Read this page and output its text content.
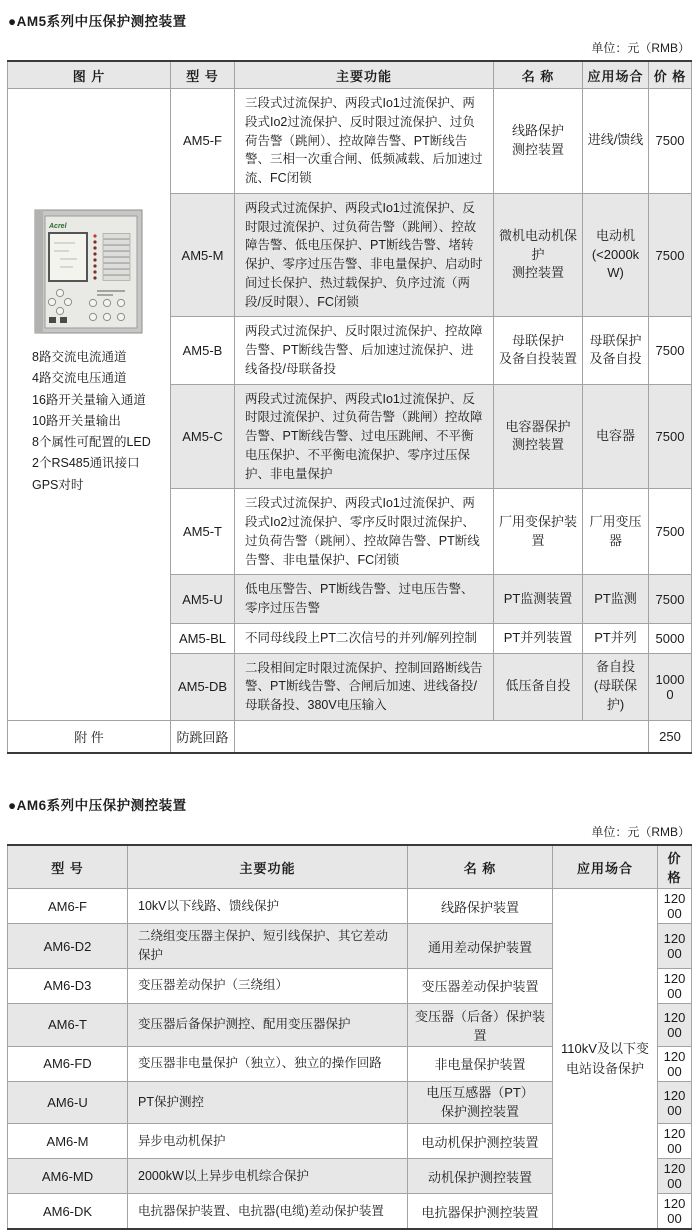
●AM5系列中压保护测控装置
单位：元（RMB）
图 片	型 号	主要功能	名 称	应用场合	价 格

Acrel
8路交流电流通道
4路交流电压通道
16路开关量输入通道
10路开关量输出
8个属性可配置的LED
2个RS485通讯接口
GPS对时
	AM5-F	三段式过流保护、两段式Io1过流保护、两段式Io2过流保护、反时限过流保护、过负荷告警（跳闸）、控故障告警、PT断线告警、三相一次重合闸、低频减载、后加速过流、FC闭锁	线路保护
测控装置	进线/馈线	7500
	AM5-M	两段式过流保护、两段式Io1过流保护、反时限过流保护、过负荷告警（跳闸）、控故障告警、低电压保护、PT断线告警、堵转保护、零序过压告警、非电量保护、启动时间过长保护、热过载保护、负序过流（两段/反时限）、FC闭锁	微机电动机保护
测控装置	电动机
(<2000kW)	7500
	AM5-B	两段式过流保护、反时限过流保护、控故障告警、PT断线告警、后加速过流保护、进线备投/母联备投	母联保护
及备自投装置	母联保护
及备自投	7500
	AM5-C	两段式过流保护、两段式Io1过流保护、反时限过流保护、过负荷告警（跳闸）控故障告警、PT断线告警、过电压跳闸、不平衡电压保护、不平衡电流保护、零序过压保护、非电量保护	电容器保护
测控装置	电容器	7500
	AM5-T	三段式过流保护、两段式Io1过流保护、两段式Io2过流保护、零序反时限过流保护、过负荷告警（跳闸）、控故障告警、PT断线告警、非电量保护、FC闭锁	厂用变保护装置	厂用变压器	7500
	AM5-U	低电压警告、PT断线告警、过电压告警、零序过压告警	PT监测装置	PT监测	7500
	AM5-BL	不同母线段上PT二次信号的并列/解列控制	PT并列装置	PT并列	5000
	AM5-DB	二段相间定时限过流保护、控制回路断线告警、PT断线告警、合闸后加速、进线备投/母联备投、380V电压输入	低压备自投	备自投
(母联保护)	10000
附 件	防跳回路				250
●AM6系列中压保护测控装置
单位：元（RMB）
型 号	主要功能	名 称	应用场合	价 格
AM6-F	10kV以下线路、馈线保护	线路保护装置	110kV及以下变
电站设备保护	12000
AM6-D2	二绕组变压器主保护、短引线保护、其它差动保护	通用差动保护装置		12000
AM6-D3	变压器差动保护（三绕组）	变压器差动保护装置		12000
AM6-T	变压器后备保护测控、配用变压器保护	变压器（后备）保护装置		12000
AM6-FD	变压器非电量保护（独立）、独立的操作回路	非电量保护装置		12000
AM6-U	PT保护测控	电压互感器（PT）
保护测控装置		12000
AM6-M	异步电动机保护	电动机保护测控装置		12000
AM6-MD	2000kW以上异步电机综合保护	动机保护测控装置		12000
AM6-DK	电抗器保护装置、电抗器(电缆)差动保护装置	电抗器保护测控装置		12000
